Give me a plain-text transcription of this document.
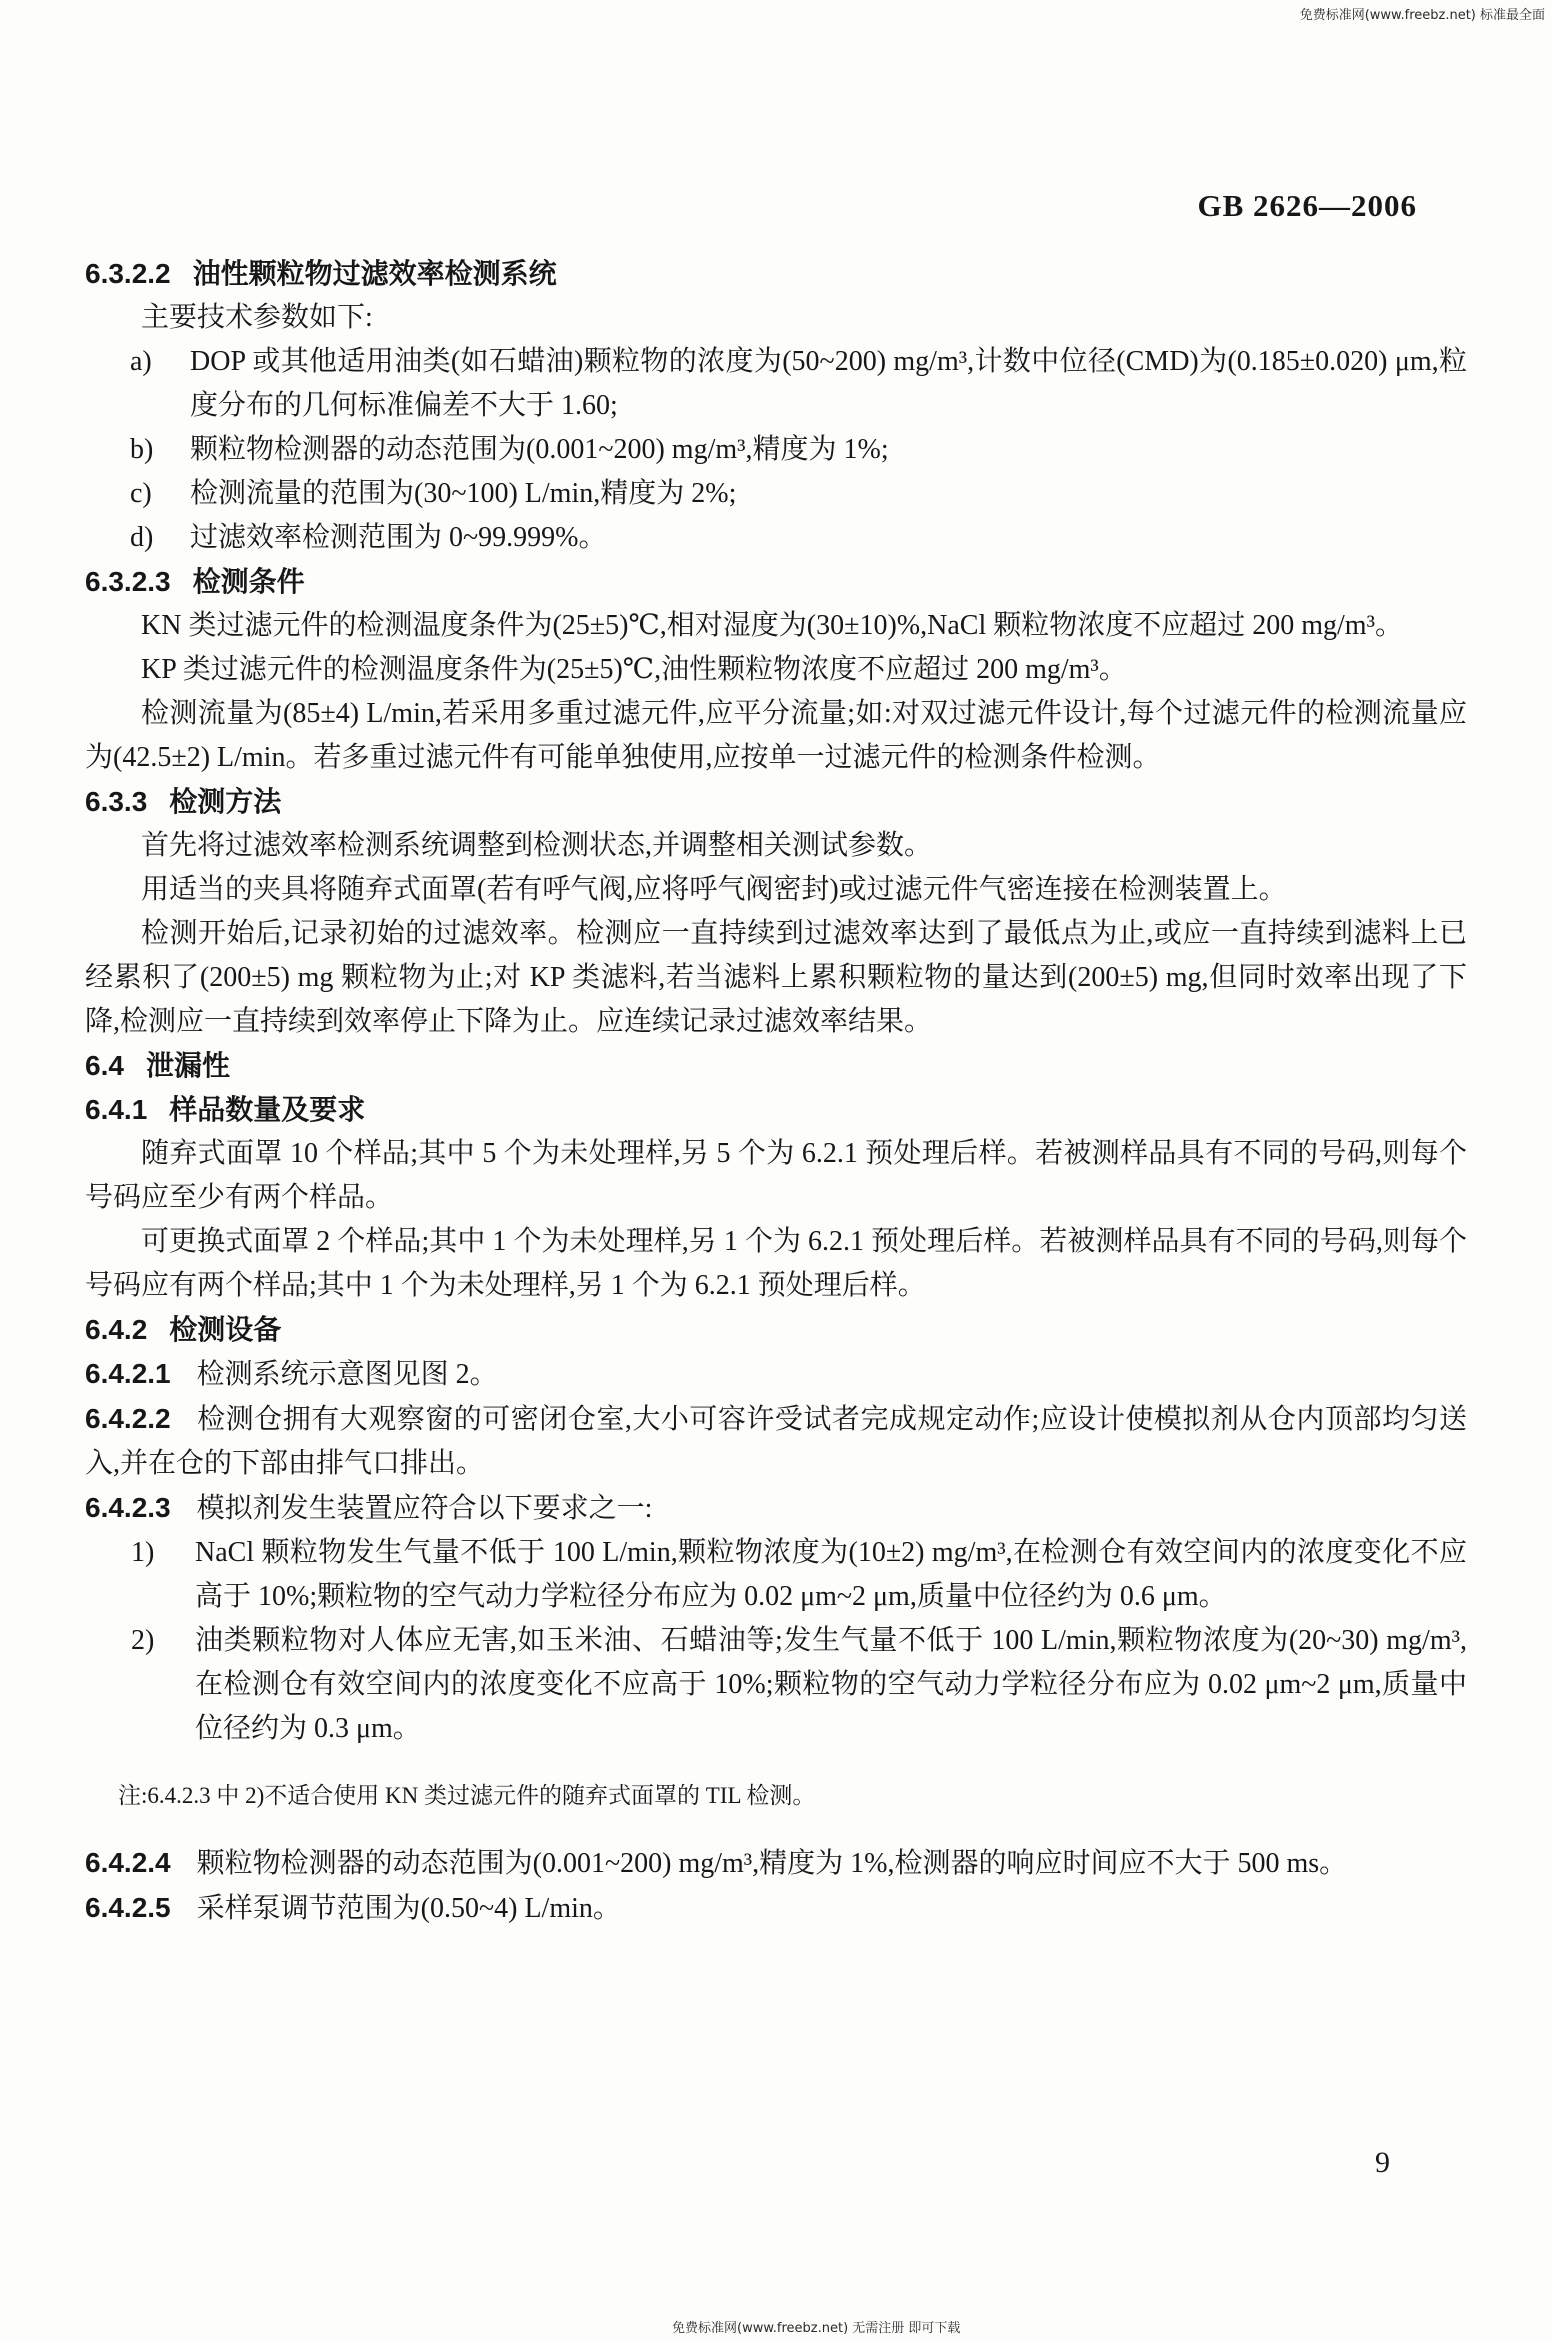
免费标准网(www.freebz.net) 标准最全面
GB 2626—2006
6.3.2.2 油性颗粒物过滤效率检测系统

主要技术参数如下:

a) DOP 或其他适用油类(如石蜡油)颗粒物的浓度为(50~200) mg/m³,计数中位径(CMD)为(0.185±0.020) μm,粒度分布的几何标准偏差不大于 1.60;
b) 颗粒物检测器的动态范围为(0.001~200) mg/m³,精度为 1%;
c) 检测流量的范围为(30~100) L/min,精度为 2%;
d) 过滤效率检测范围为 0~99.999%。
6.3.2.3 检测条件

KN 类过滤元件的检测温度条件为(25±5)℃,相对湿度为(30±10)%,NaCl 颗粒物浓度不应超过 200 mg/m³。

KP 类过滤元件的检测温度条件为(25±5)℃,油性颗粒物浓度不应超过 200 mg/m³。

检测流量为(85±4) L/min,若采用多重过滤元件,应平分流量;如:对双过滤元件设计,每个过滤元件的检测流量应为(42.5±2) L/min。若多重过滤元件有可能单独使用,应按单一过滤元件的检测条件检测。

6.3.3 检测方法

首先将过滤效率检测系统调整到检测状态,并调整相关测试参数。

用适当的夹具将随弃式面罩(若有呼气阀,应将呼气阀密封)或过滤元件气密连接在检测装置上。

检测开始后,记录初始的过滤效率。检测应一直持续到过滤效率达到了最低点为止,或应一直持续到滤料上已经累积了(200±5) mg 颗粒物为止;对 KP 类滤料,若当滤料上累积颗粒物的量达到(200±5) mg,但同时效率出现了下降,检测应一直持续到效率停止下降为止。应连续记录过滤效率结果。

6.4 泄漏性
6.4.1 样品数量及要求

随弃式面罩 10 个样品;其中 5 个为未处理样,另 5 个为 6.2.1 预处理后样。若被测样品具有不同的号码,则每个号码应至少有两个样品。

可更换式面罩 2 个样品;其中 1 个为未处理样,另 1 个为 6.2.1 预处理后样。若被测样品具有不同的号码,则每个号码应有两个样品;其中 1 个为未处理样,另 1 个为 6.2.1 预处理后样。

6.4.2 检测设备

6.4.2.1 检测系统示意图见图 2。

6.4.2.2 检测仓拥有大观察窗的可密闭仓室,大小可容许受试者完成规定动作;应设计使模拟剂从仓内顶部均匀送入,并在仓的下部由排气口排出。

6.4.2.3 模拟剂发生装置应符合以下要求之一:

1) NaCl 颗粒物发生气量不低于 100 L/min,颗粒物浓度为(10±2) mg/m³,在检测仓有效空间内的浓度变化不应高于 10%;颗粒物的空气动力学粒径分布应为 0.02 μm~2 μm,质量中位径约为 0.6 μm。
2) 油类颗粒物对人体应无害,如玉米油、石蜡油等;发生气量不低于 100 L/min,颗粒物浓度为(20~30) mg/m³,在检测仓有效空间内的浓度变化不应高于 10%;颗粒物的空气动力学粒径分布应为 0.02 μm~2 μm,质量中位径约为 0.3 μm。

注:6.4.2.3 中 2)不适合使用 KN 类过滤元件的随弃式面罩的 TIL 检测。

6.4.2.4 颗粒物检测器的动态范围为(0.001~200) mg/m³,精度为 1%,检测器的响应时间应不大于 500 ms。

6.4.2.5 采样泵调节范围为(0.50~4) L/min。

9
免费标准网(www.freebz.net) 无需注册 即可下载
